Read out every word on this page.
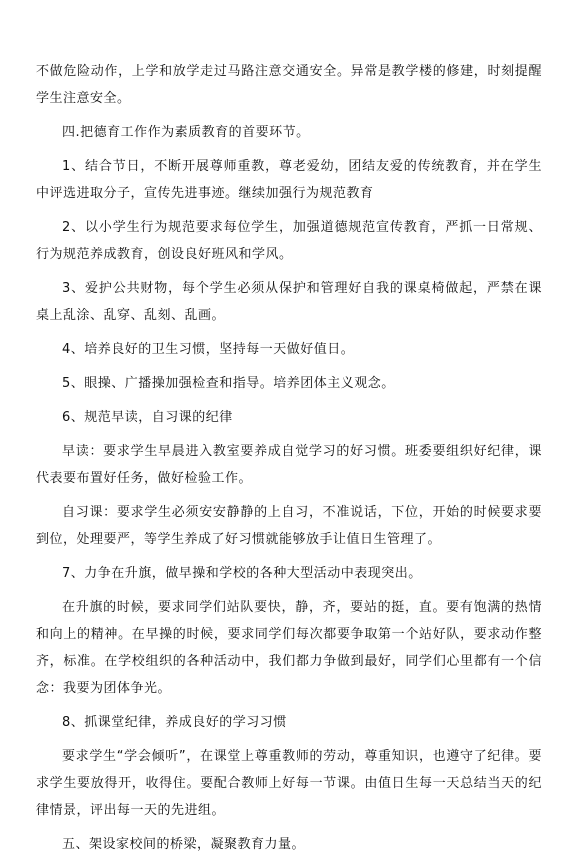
不做危险动作，上学和放学走过马路注意交通安全。异常是教学楼的修建，时刻提醒学生注意安全。

四.把德育工作作为素质教育的首要环节。

1、结合节日，不断开展尊师重教，尊老爱幼，团结友爱的传统教育，并在学生中评选进取分子，宣传先进事迹。继续加强行为规范教育

2、以小学生行为规范要求每位学生，加强道德规范宣传教育，严抓一日常规、行为规范养成教育，创设良好班风和学风。

3、爱护公共财物，每个学生必须从保护和管理好自我的课桌椅做起，严禁在课桌上乱涂、乱穿、乱刻、乱画。

4、培养良好的卫生习惯，坚持每一天做好值日。

5、眼操、广播操加强检查和指导。培养团体主义观念。

6、规范早读，自习课的纪律

早读：要求学生早晨进入教室要养成自觉学习的好习惯。班委要组织好纪律，课代表要布置好任务，做好检验工作。

自习课：要求学生必须安安静静的上自习，不准说话，下位，开始的时候要求要到位，处理要严，等学生养成了好习惯就能够放手让值日生管理了。

7、力争在升旗，做早操和学校的各种大型活动中表现突出。

在升旗的时候，要求同学们站队要快，静，齐，要站的挺，直。要有饱满的热情和向上的精神。在早操的时候，要求同学们每次都要争取第一个站好队，要求动作整齐，标准。在学校组织的各种活动中，我们都力争做到最好，同学们心里都有一个信念：我要为团体争光。

8、抓课堂纪律，养成良好的学习习惯

要求学生“学会倾听”，在课堂上尊重教师的劳动，尊重知识，也遵守了纪律。要求学生要放得开，收得住。要配合教师上好每一节课。由值日生每一天总结当天的纪律情景，评出每一天的先进组。

五、架设家校间的桥梁，凝聚教育力量。
